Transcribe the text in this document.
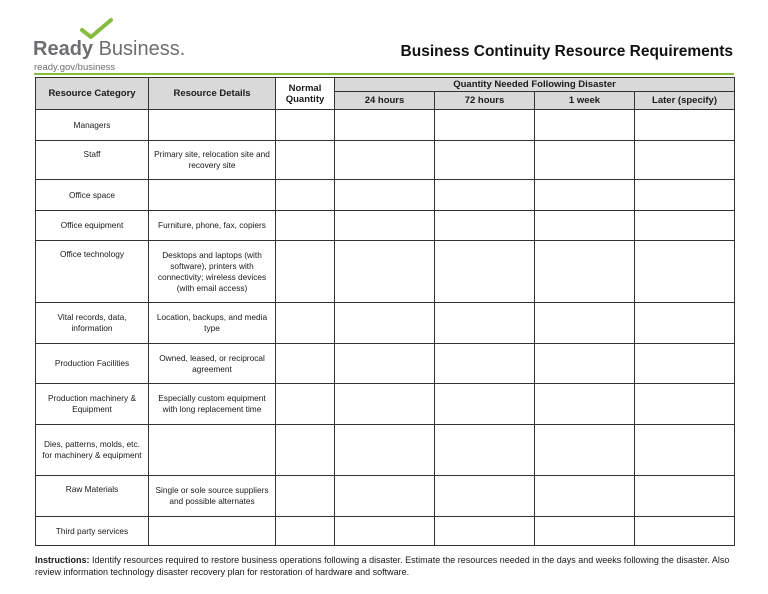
Ready Business.
ready.gov/business
Business Continuity Resource Requirements
Resource Category	Resource Details	Normal Quantity	Quantity Needed Following Disaster			
			24 hours	72 hours	1 week	Later (specify)
Managers						
Staff	Primary site, relocation site and recovery site					
Office space						
Office equipment	Furniture, phone, fax, copiers					
Office technology	Desktops and laptops (with software), printers with connectivity; wireless devices (with email access)					
Vital records, data, information	Location, backups, and media type					
Production Facilities	Owned, leased, or reciprocal agreement					
Production machinery & Equipment	Especially custom equipment with long replacement time					
Dies, patterns, molds, etc. for machinery & equipment						
Raw Materials	Single or sole source suppliers and possible alternates					
Third party services						
Instructions: Identify resources required to restore business operations following a disaster. Estimate the resources needed in the days and weeks following the disaster. Also review information technology disaster recovery plan for restoration of hardware and software.
